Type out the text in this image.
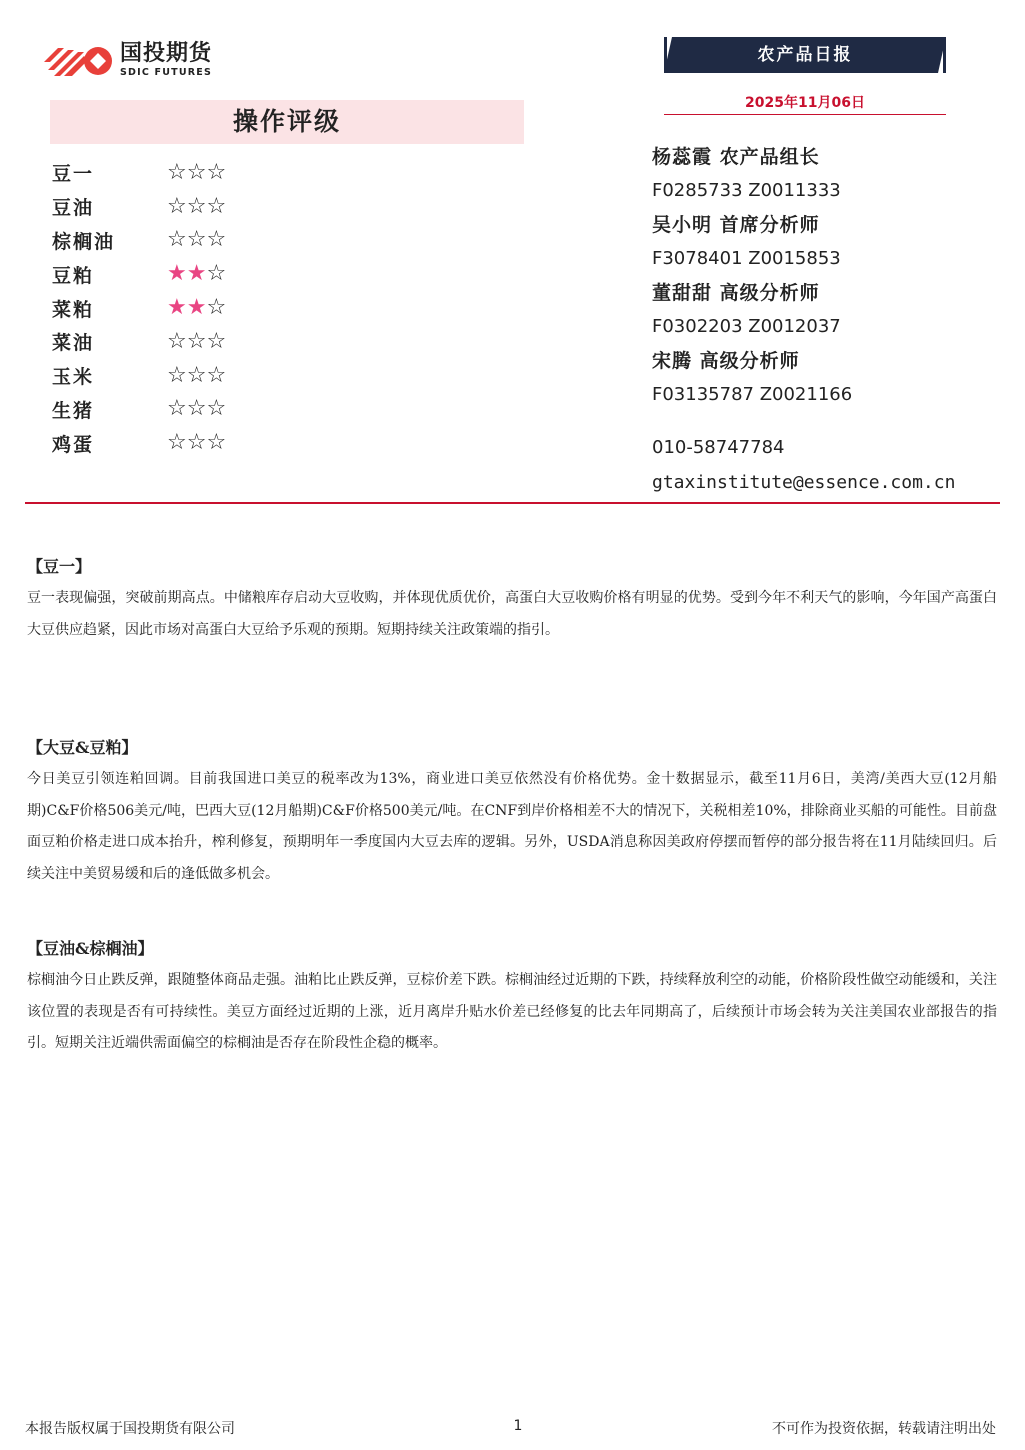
国投期货
SDIC FUTURES
农产品日报
2025年11月06日
操作评级
豆一	☆☆☆
豆油	☆☆☆
棕榈油	☆☆☆
豆粕	★★☆
菜粕	★★☆
菜油	☆☆☆
玉米	☆☆☆
生猪	☆☆☆
鸡蛋	☆☆☆
杨蕊霞 农产品组长
F0285733 Z0011333
吴小明 首席分析师
F3078401 Z0015853
董甜甜 高级分析师
F0302203 Z0012037
宋腾 高级分析师
F03135787 Z0021166
010-58747784
gtaxinstitute@essence.com.cn
【豆一】
豆一表现偏强，突破前期高点。中储粮库存启动大豆收购，并体现优质优价，高蛋白大豆收购价格有明显的优势。受到今年不利天气的影响，今年国产高蛋白大豆供应趋紧，因此市场对高蛋白大豆给予乐观的预期。短期持续关注政策端的指引。
【大豆&豆粕】
今日美豆引领连粕回调。目前我国进口美豆的税率改为13%，商业进口美豆依然没有价格优势。金十数据显示，截至11月6日，美湾/美西大豆(12月船期)C&F价格506美元/吨，巴西大豆(12月船期)C&F价格500美元/吨。在CNF到岸价格相差不大的情况下，关税相差10%，排除商业买船的可能性。目前盘面豆粕价格走进口成本抬升，榨利修复，预期明年一季度国内大豆去库的逻辑。另外，USDA消息称因美政府停摆而暂停的部分报告将在11月陆续回归。后续关注中美贸易缓和后的逢低做多机会。
【豆油&棕榈油】
棕榈油今日止跌反弹，跟随整体商品走强。油粕比止跌反弹，豆棕价差下跌。棕榈油经过近期的下跌，持续释放利空的动能，价格阶段性做空动能缓和，关注该位置的表现是否有可持续性。美豆方面经过近期的上涨，近月离岸升贴水价差已经修复的比去年同期高了，后续预计市场会转为关注美国农业部报告的指引。短期关注近端供需面偏空的棕榈油是否存在阶段性企稳的概率。
本报告版权属于国投期货有限公司	1	不可作为投资依据，转载请注明出处
